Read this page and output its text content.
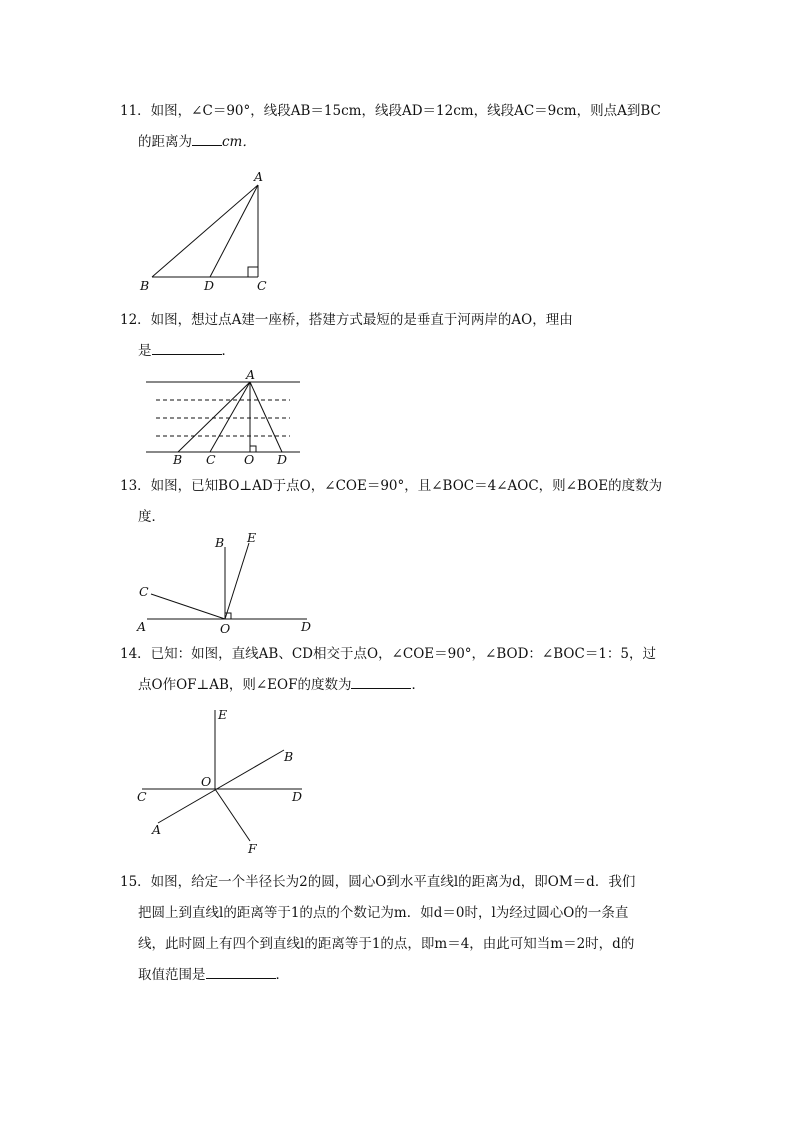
11．如图，∠C＝90°，线段AB＝15cm，线段AD＝12cm，线段AC＝9cm，则点A到BC
的距离为 cm．
A
B	D	C
12．如图，想过点A建一座桥，搭建方式最短的是垂直于河两岸的AO，理由
是	．
A
B C O D
13．如图，已知BO⊥AD于点O，∠COE＝90°，且∠BOC＝4∠AOC，则∠BOE的度数为
度．
B E
C
A	O	D
14．已知：如图，直线AB、CD相交于点O，∠COE＝90°，∠BOD：∠BOC＝1：5，过
点O作OF⊥AB，则∠EOF的度数为	．
E
B
O
C	D
A
F
15．如图，给定一个半径长为2的圆，圆心O到水平直线l的距离为d，即OM＝d．我们
把圆上到直线l的距离等于1的点的个数记为m．如d＝0时，l为经过圆心O的一条直
线，此时圆上有四个到直线l的距离等于1的点，即m＝4，由此可知当m＝2时，d的
取值范围是	．
